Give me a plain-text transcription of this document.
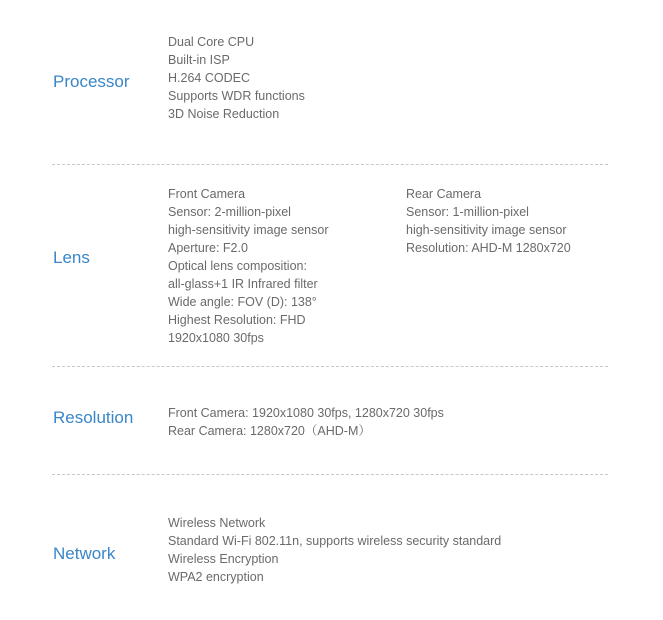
Processor
Dual Core CPU
Built-in ISP
H.264 CODEC
Supports WDR functions
3D Noise Reduction
Lens
Front Camera
Sensor: 2-million-pixel
high-sensitivity image sensor
Aperture: F2.0
Optical lens composition:
all-glass+1 IR Infrared filter
Wide angle: FOV (D): 138°
Highest Resolution: FHD
1920x1080 30fps
Rear Camera
Sensor: 1-million-pixel
high-sensitivity image sensor
Resolution: AHD-M 1280x720
Resolution	Front Camera: 1920x1080 30fps, 1280x720 30fps
Rear Camera: 1280x720（AHD-M）
Network
Wireless Network
Standard Wi-Fi 802.11n, supports wireless security standard
Wireless Encryption
WPA2 encryption
